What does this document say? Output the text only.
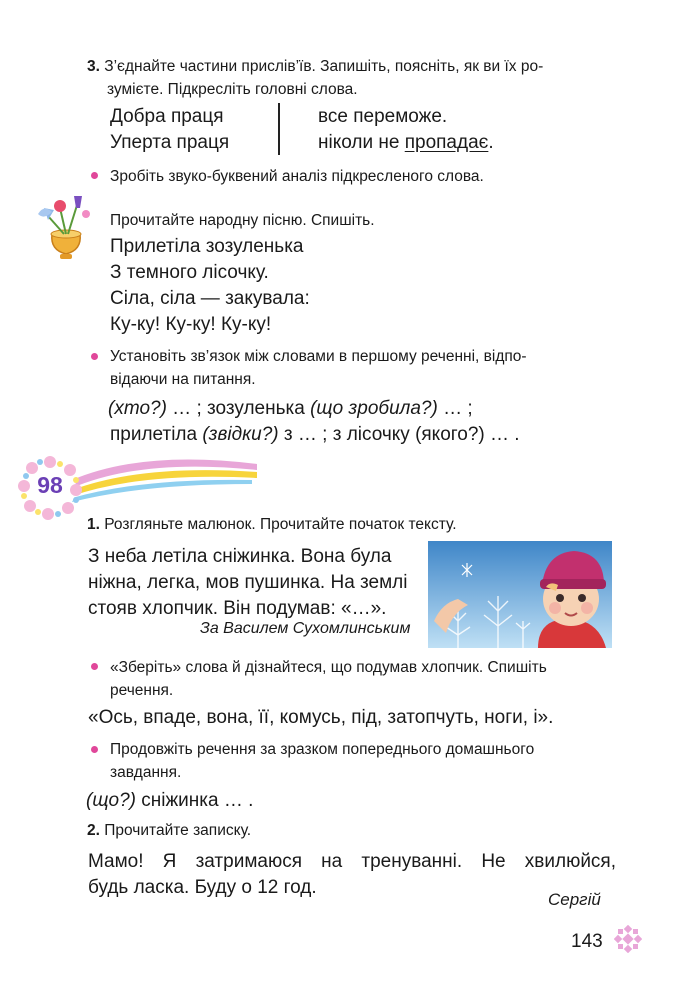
3. З’єднайте частини прислів’їв. Запишіть, поясніть, як ви їх ро-
зумієте. Підкресліть головні слова.
Добра праця
Уперта праця
все переможе.
ніколи не пропадає.
Зробіть звуко-буквений аналіз підкресленого слова.
Прочитайте народну пісню. Спишіть.
Прилетіла зозуленька
З темного лісочку.
Сіла, сіла — закувала:
Ку-ку! Ку-ку! Ку-ку!
Установіть зв’язок між словами в першому реченні, відпо-
відаючи на питання.
(хто?) … ; зозуленька (що зробила?) … ;
прилетіла (звідки?) з … ; з лісочку (якого?) … .
98
1. Розгляньте малюнок. Прочитайте початок тексту.
З неба летіла сніжинка. Вона була
ніжна, легка, мов пушинка. На землі
стояв хлопчик. Він подумав: «…».
За Василем Сухомлинським
«Зберіть» слова й дізнайтеся, що подумав хлопчик. Спишіть
речення.
«Ось, впаде, вона, її, комусь, під, затопчуть, ноги, і».
Продовжіть речення за зразком попереднього домашнього
завдання.
(що?) сніжинка … .
2. Прочитайте записку.
Мамо! Я затримаюся на тренуванні. Не хвилюйся,
будь ласка. Буду о 12 год.
Сергій
143
